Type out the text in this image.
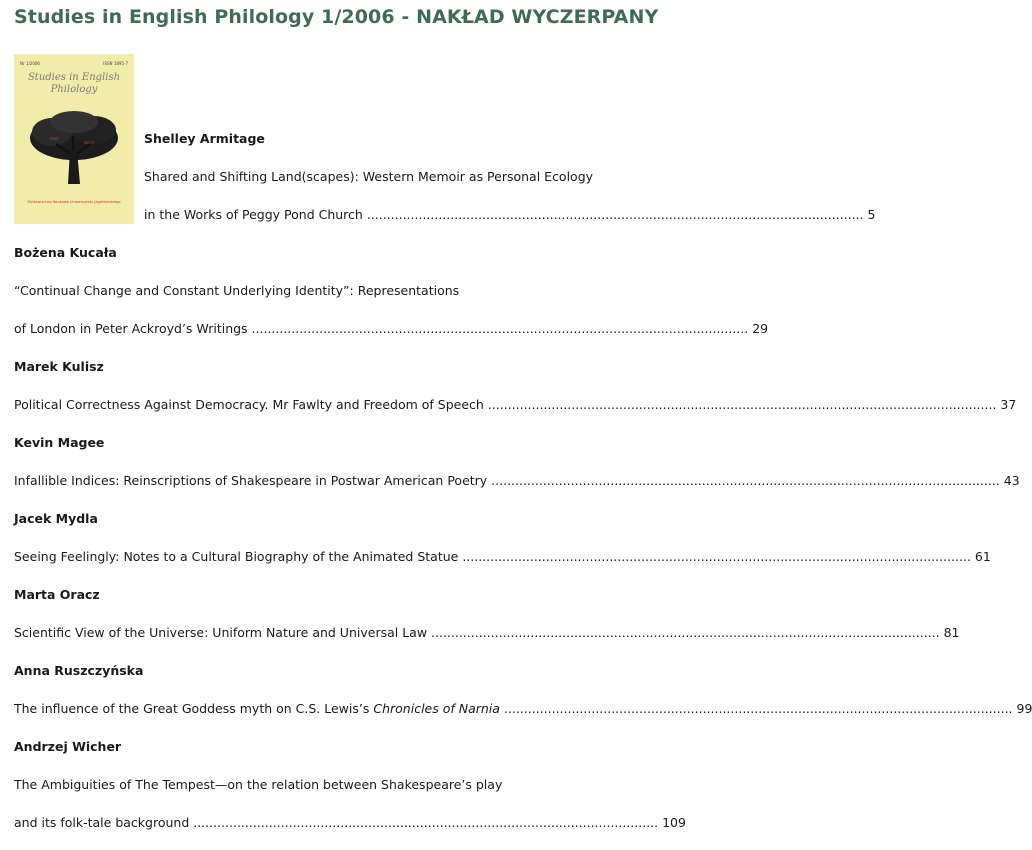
Studies in English Philology 1/2006 - NAKŁAD WYCZERPANY
Nr 1/2006	ISSN 1895-7
Studies in English
Philology
text
word
Wydawnictwo Naukowe Uniwersytetu Jagiellońskiego
Shelley Armitage
Shared and Shifting Land(scapes): Western Memoir as Personal Ecology
in the Works of Peggy Pond Church ............................................................................................................................. 5
Bożena Kucała
“Continual Change and Constant Underlying Identity”: Representations
of London in Peter Ackroyd’s Writings ............................................................................................................................. 29
Marek Kulisz
Political Correctness Against Democracy. Mr Fawlty and Freedom of Speech ................................................................................................................................ 37
Kevin Magee
Infallible Indices: Reinscriptions of Shakespeare in Postwar American Poetry ................................................................................................................................ 43
Jacek Mydla
Seeing Feelingly: Notes to a Cultural Biography of the Animated Statue ................................................................................................................................ 61
Marta Oracz
Scientific View of the Universe: Uniform Nature and Universal Law ................................................................................................................................ 81
Anna Ruszczyńska
The influence of the Great Goddess myth on C.S. Lewis’s Chronicles of Narnia ................................................................................................................................ 99
Andrzej Wicher
The Ambiguities of The Tempest—on the relation between Shakespeare’s play
and its folk-tale background ..................................................................................................................... 109
